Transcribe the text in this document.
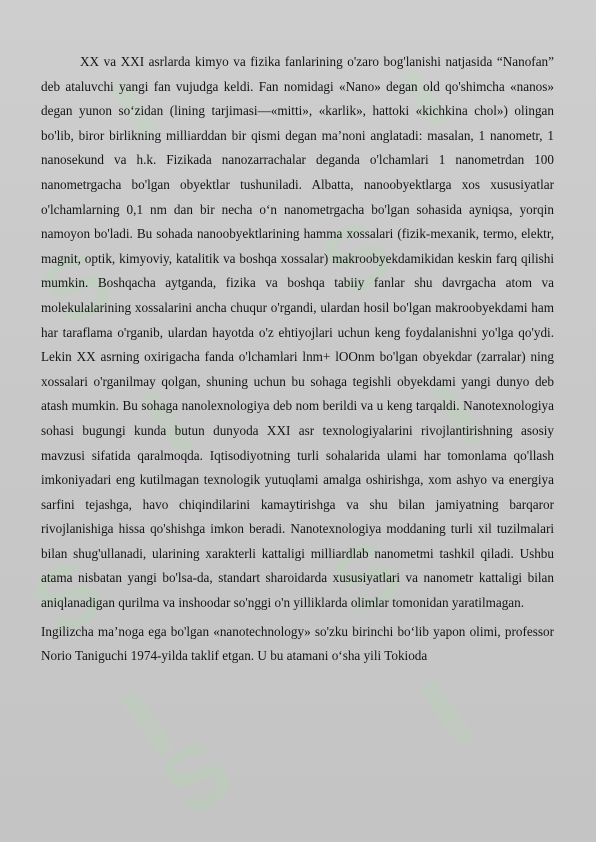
S S
S S
S

XX va XXI asrlarda kimyo va fizika fanlarining o'zaro bog'lanishi natjasida “Nanofan” deb ataluvchi yangi fan vujudga keldi. Fan nomidagi «Nano» degan old qo'shimcha «nanos» degan yunon so‘zidan (lining tarjimasi—«mitti», «karlik», hattoki «kichkina chol») olingan bo'lib, biror birlikning milliarddan bir qismi degan ma’noni anglatadi: masalan, 1 nanometr, 1 nanosekund va h.k. Fizikada nanozarrachalar deganda o'lchamlari 1 nanometrdan 100 nanometrgacha bo'lgan obyektlar tushuniladi. Albatta, nanoobyektlarga xos xususiyatlar o'lchamlarning 0,1 nm dan bir necha o‘n nanometrgacha bo'lgan sohasida ayniqsa, yorqin namoyon bo'ladi. Bu sohada nanoobyektlarining hamma xossalari (fizik-mexanik, termo, elektr, magnit, optik, kimyoviy, katalitik va boshqa xossalar) makroobyekdamikidan keskin farq qilishi mumkin. Boshqacha aytganda, fizika va boshqa tabiiy fanlar shu davrgacha atom va molekulalarining xossalarini ancha chuqur o'rgandi, ulardan hosil bo'lgan makroobyekdami ham har taraflama o'rganib, ulardan hayotda o'z ehtiyojlari uchun keng foydalanishni yo'lga qo'ydi. Lekin XX asrning oxirigacha fanda o'lchamlari lnm+ lOOnm bo'lgan obyekdar (zarralar) ning xossalari o'rganilmay qolgan, shuning uchun bu sohaga tegishli obyekdami yangi dunyo deb atash mumkin. Bu sohaga nanolexnologiya deb nom berildi va u keng tarqaldi. Nanotexnologiya sohasi bugungi kunda butun dunyoda XXI asr texnologiyalarini rivojlantirishning asosiy mavzusi sifatida qaralmoqda. Iqtisodiyotning turli sohalarida ulami har tomonlama qo'llash imkoniyadari eng kutilmagan texnologik yutuqlami amalga oshirishga, xom ashyo va energiya sarfini tejashga, havo chiqindilarini kamaytirishga va shu bilan jamiyatning barqaror rivojlanishiga hissa qo'shishga imkon beradi. Nanotexnologiya moddaning turli xil tuzilmalari bilan shug'ullanadi, ularining xarakterli kattaligi milliardlab nanometmi tashkil qiladi. Ushbu atama nisbatan yangi bo'lsa-da, standart sharoidarda xususiyatlari va nanometr kattaligi bilan aniqlanadigan qurilma va inshoodar so'nggi o'n yilliklarda olimlar tomonidan yaratilmagan.

Ingilizcha ma’noga ega bo'lgan «nanotechnology» so'zku birinchi bo‘lib yapon olimi, professor Norio Taniguchi 1974-yilda taklif etgan. U bu atamani o‘sha yili Tokioda
